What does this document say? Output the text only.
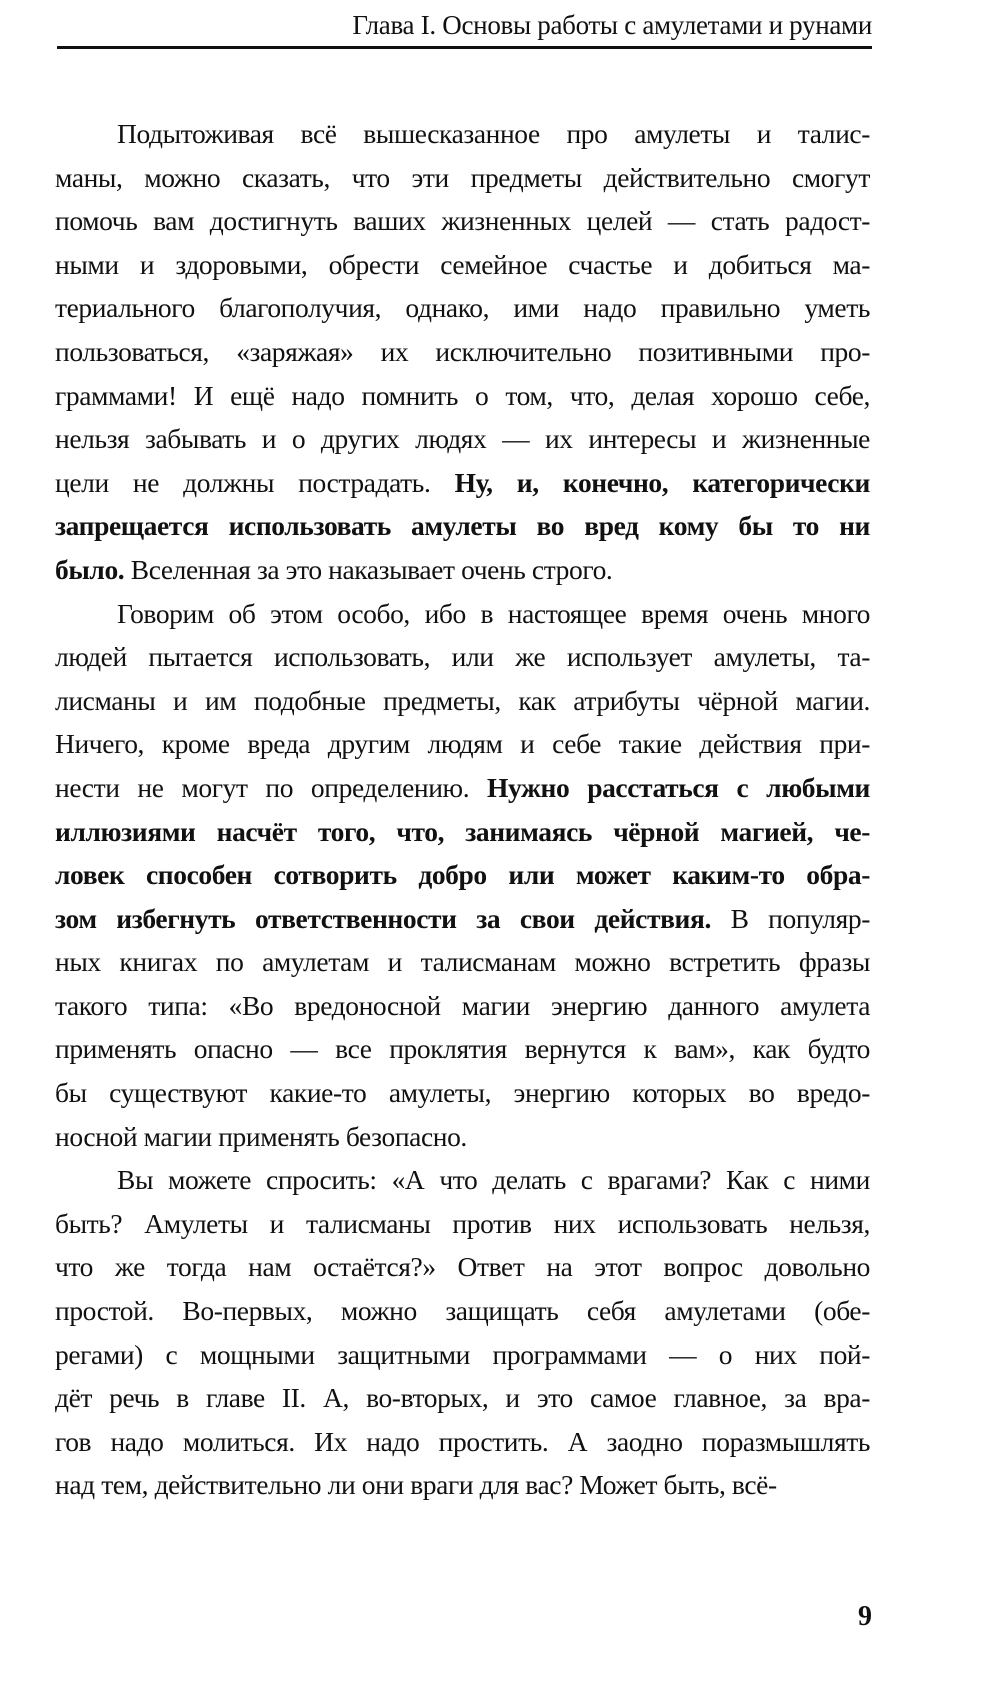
Глава I. Основы работы с амулетами и рунами
Подытоживая всё вышесказанное про амулеты и талис-
маны, можно сказать, что эти предметы действительно смогут
помочь вам достигнуть ваших жизненных целей — стать радост-
ными и здоровыми, обрести семейное счастье и добиться ма-
териального благополучия, однако, ими надо правильно уметь
пользоваться, «заряжая» их исключительно позитивными про-
граммами! И ещё надо помнить о том, что, делая хорошо себе,
нельзя забывать и о других людях — их интересы и жизненные
цели не должны пострадать. Ну, и, конечно, категорически
запрещается использовать амулеты во вред кому бы то ни
было. Вселенная за это наказывает очень строго.
Говорим об этом особо, ибо в настоящее время очень много
людей пытается использовать, или же использует амулеты, та-
лисманы и им подобные предметы, как атрибуты чёрной магии.
Ничего, кроме вреда другим людям и себе такие действия при-
нести не могут по определению. Нужно расстаться с любыми
иллюзиями насчёт того, что, занимаясь чёрной магией, че-
ловек способен сотворить добро или может каким-то обра-
зом избегнуть ответственности за свои действия. В популяр-
ных книгах по амулетам и талисманам можно встретить фразы
такого типа: «Во вредоносной магии энергию данного амулета
применять опасно — все проклятия вернутся к вам», как будто
бы существуют какие-то амулеты, энергию которых во вредо-
носной магии применять безопасно.
Вы можете спросить: «А что делать с врагами? Как с ними
быть? Амулеты и талисманы против них использовать нельзя,
что же тогда нам остаётся?» Ответ на этот вопрос довольно
простой. Во-первых, можно защищать себя амулетами (обе-
регами) с мощными защитными программами — о них пой-
дёт речь в главе II. А, во-вторых, и это самое главное, за вра-
гов надо молиться. Их надо простить. А заодно поразмышлять
над тем, действительно ли они враги для вас? Может быть, всё-
9
